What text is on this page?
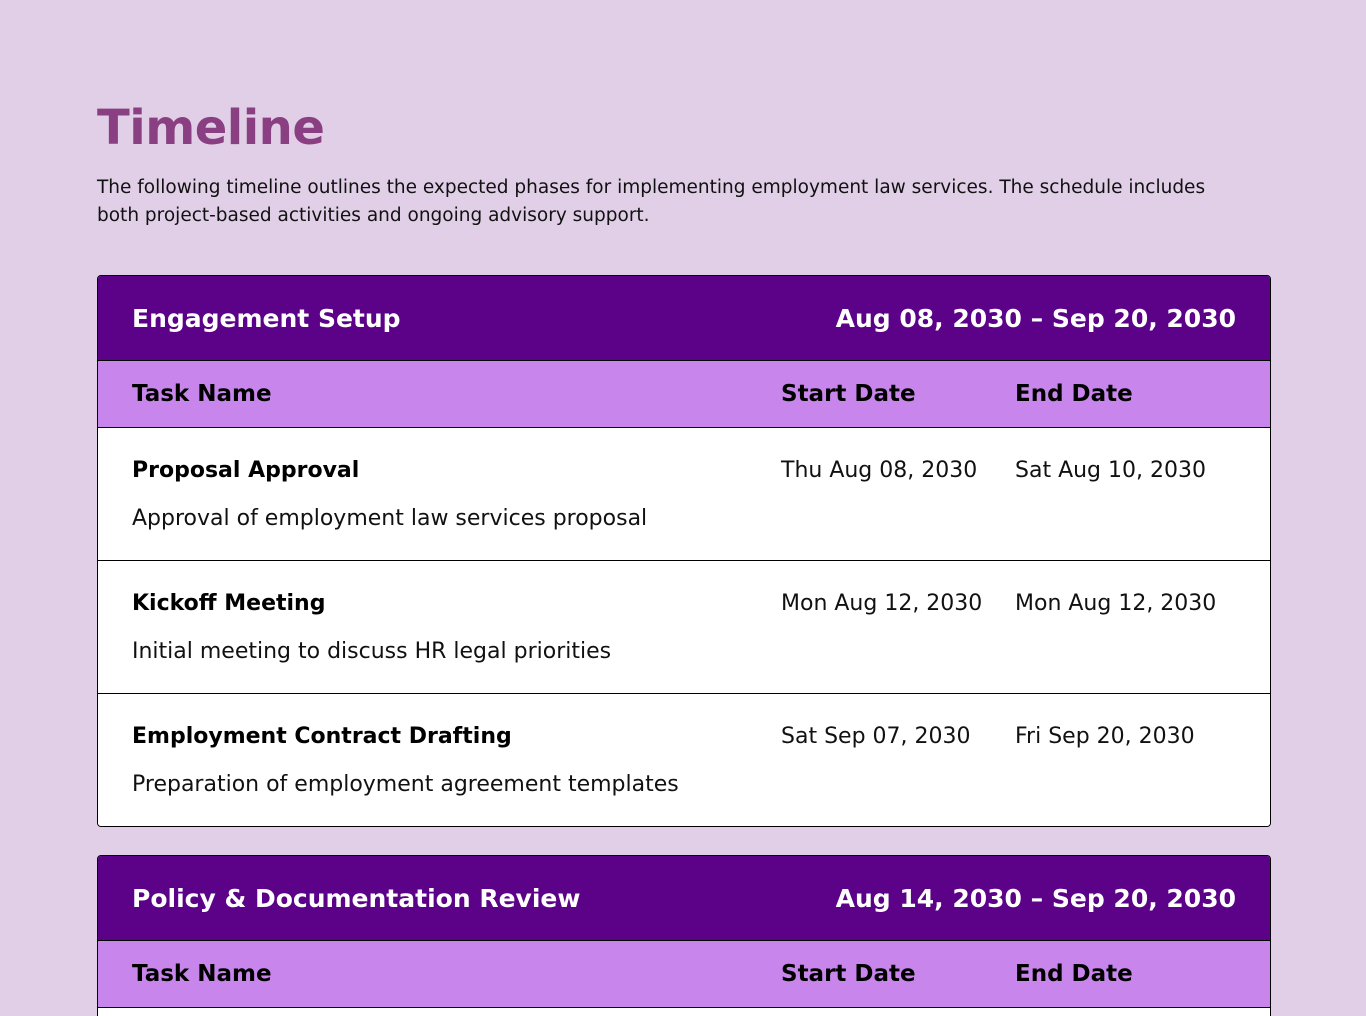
Timeline

The following timeline outlines the expected phases for implementing employment law services. The schedule includes both project-based activities and ongoing advisory support.

Engagement Setup	Aug 08, 2030 – Sep 20, 2030
Task Name	Start Date	End Date
Proposal Approval
Approval of employment law services proposal
Thu Aug 08, 2030	Sat Aug 10, 2030
Kickoff Meeting
Initial meeting to discuss HR legal priorities
Mon Aug 12, 2030	Mon Aug 12, 2030
Employment Contract Drafting
Preparation of employment agreement templates
Sat Sep 07, 2030	Fri Sep 20, 2030
Policy & Documentation Review	Aug 14, 2030 – Sep 20, 2030
Task Name	Start Date	End Date
